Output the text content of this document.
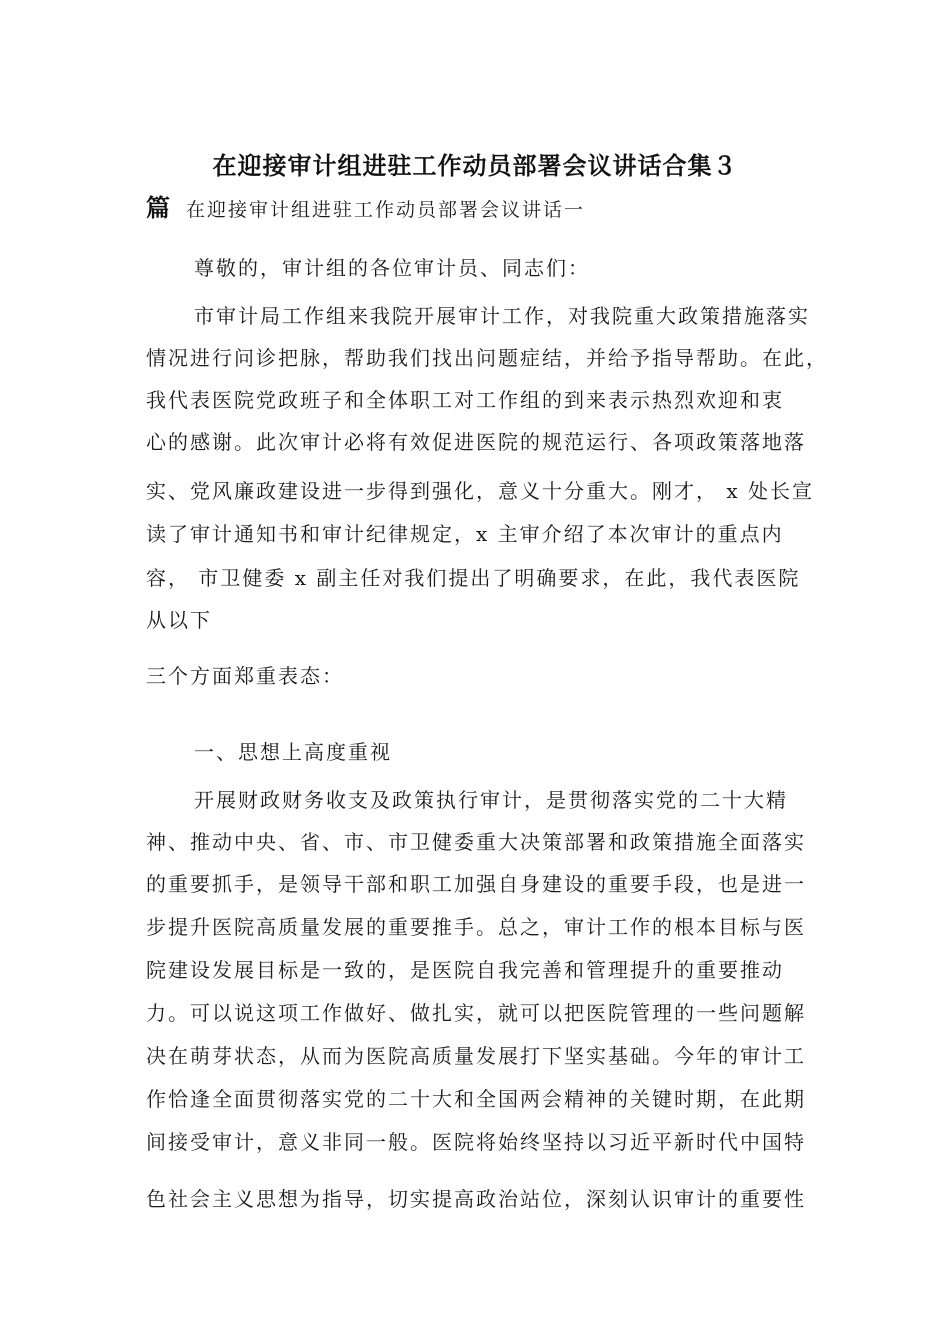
在迎接审计组进驻工作动员部署会议讲话合集３
篇 在迎接审计组进驻工作动员部署会议讲话一
尊敬的，审计组的各位审计员、同志们：
市审计局工作组来我院开展审计工作，对我院重大政策措施落实
情况进行问诊把脉，帮助我们找出问题症结，并给予指导帮助。在此，
我代表医院党政班子和全体职工对工作组的到来表示热烈欢迎和衷
心的感谢。此次审计必将有效促进医院的规范运行、各项政策落地落
实、党风廉政建设进一步得到强化，意义十分重大。刚才， x 处长宣
读了审计通知书和审计纪律规定，x 主审介绍了本次审计的重点内
容， 市卫健委 x 副主任对我们提出了明确要求，在此，我代表医院
从以下
三个方面郑重表态：
一、思想上高度重视
开展财政财务收支及政策执行审计，是贯彻落实党的二十大精
神、推动中央、省、市、市卫健委重大决策部署和政策措施全面落实
的重要抓手，是领导干部和职工加强自身建设的重要手段，也是进一
步提升医院高质量发展的重要推手。总之，审计工作的根本目标与医
院建设发展目标是一致的，是医院自我完善和管理提升的重要推动
力。可以说这项工作做好、做扎实，就可以把医院管理的一些问题解
决在萌芽状态，从而为医院高质量发展打下坚实基础。今年的审计工
作恰逢全面贯彻落实党的二十大和全国两会精神的关键时期，在此期
间接受审计，意义非同一般。医院将始终坚持以习近平新时代中国特
色社会主义思想为指导，切实提高政治站位，深刻认识审计的重要性
